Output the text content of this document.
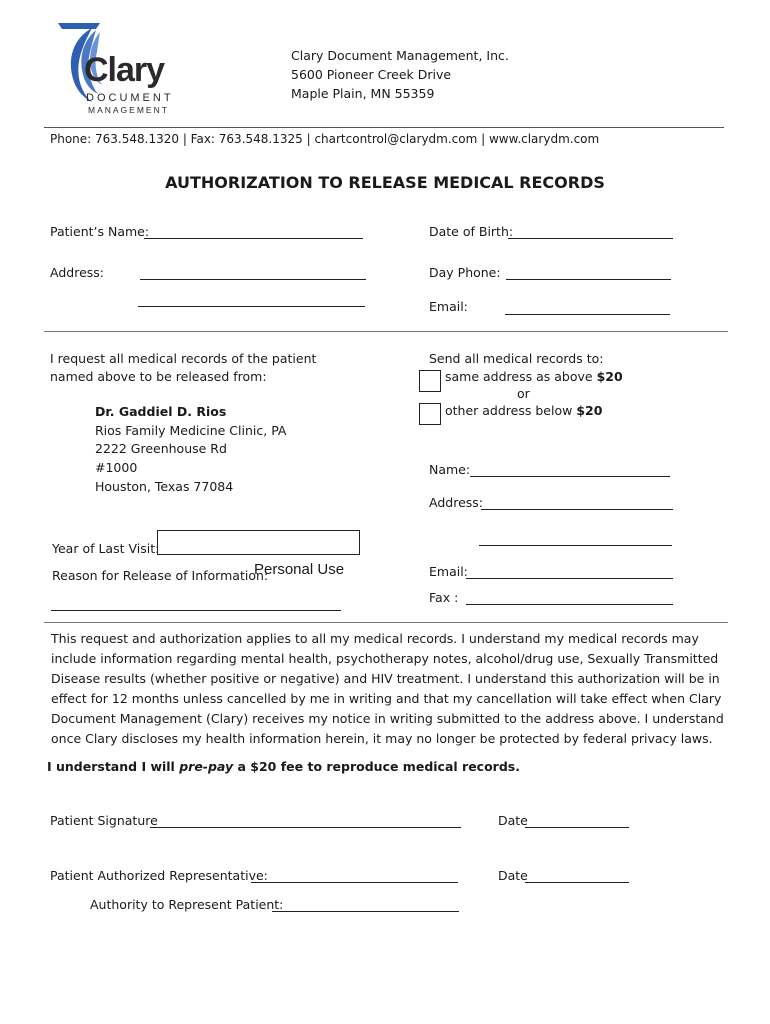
Clary
DOCUMENT
MANAGEMENT
Clary Document Management, Inc.
5600 Pioneer Creek Drive
Maple Plain, MN 55359
Phone: 763.548.1320 | Fax: 763.548.1325 | chartcontrol@clarydm.com | www.clarydm.com
AUTHORIZATION TO RELEASE MEDICAL RECORDS
Patient’s Name:	Date of Birth:
Address:	Day Phone:
Email:
I request all medical records of the patient
named above to be released from:
Dr. Gaddiel D. Rios
Rios Family Medicine Clinic, PA
2222 Greenhouse Rd
#1000
Houston, Texas 77084
Send all medical records to:
same address as above $20
or
other address below $20
Name:
Address:
Email:
Fax :
Year of Last Visit:
Reason for Release of Information:
Personal Use
This request and authorization applies to all my medical records. I understand my medical records may include information regarding mental health, psychotherapy notes, alcohol/drug use, Sexually Transmitted Disease results (whether positive or negative) and HIV treatment. I understand this authorization will be in effect for 12 months unless cancelled by me in writing and that my cancellation will take effect when Clary Document Management (Clary) receives my notice in writing submitted to the address above. I understand once Clary discloses my health information herein, it may no longer be protected by federal privacy laws.
I understand I will pre-pay a $20 fee to reproduce medical records.
Patient Signature	Date
Patient Authorized Representative:	Date
Authority to Represent Patient:
